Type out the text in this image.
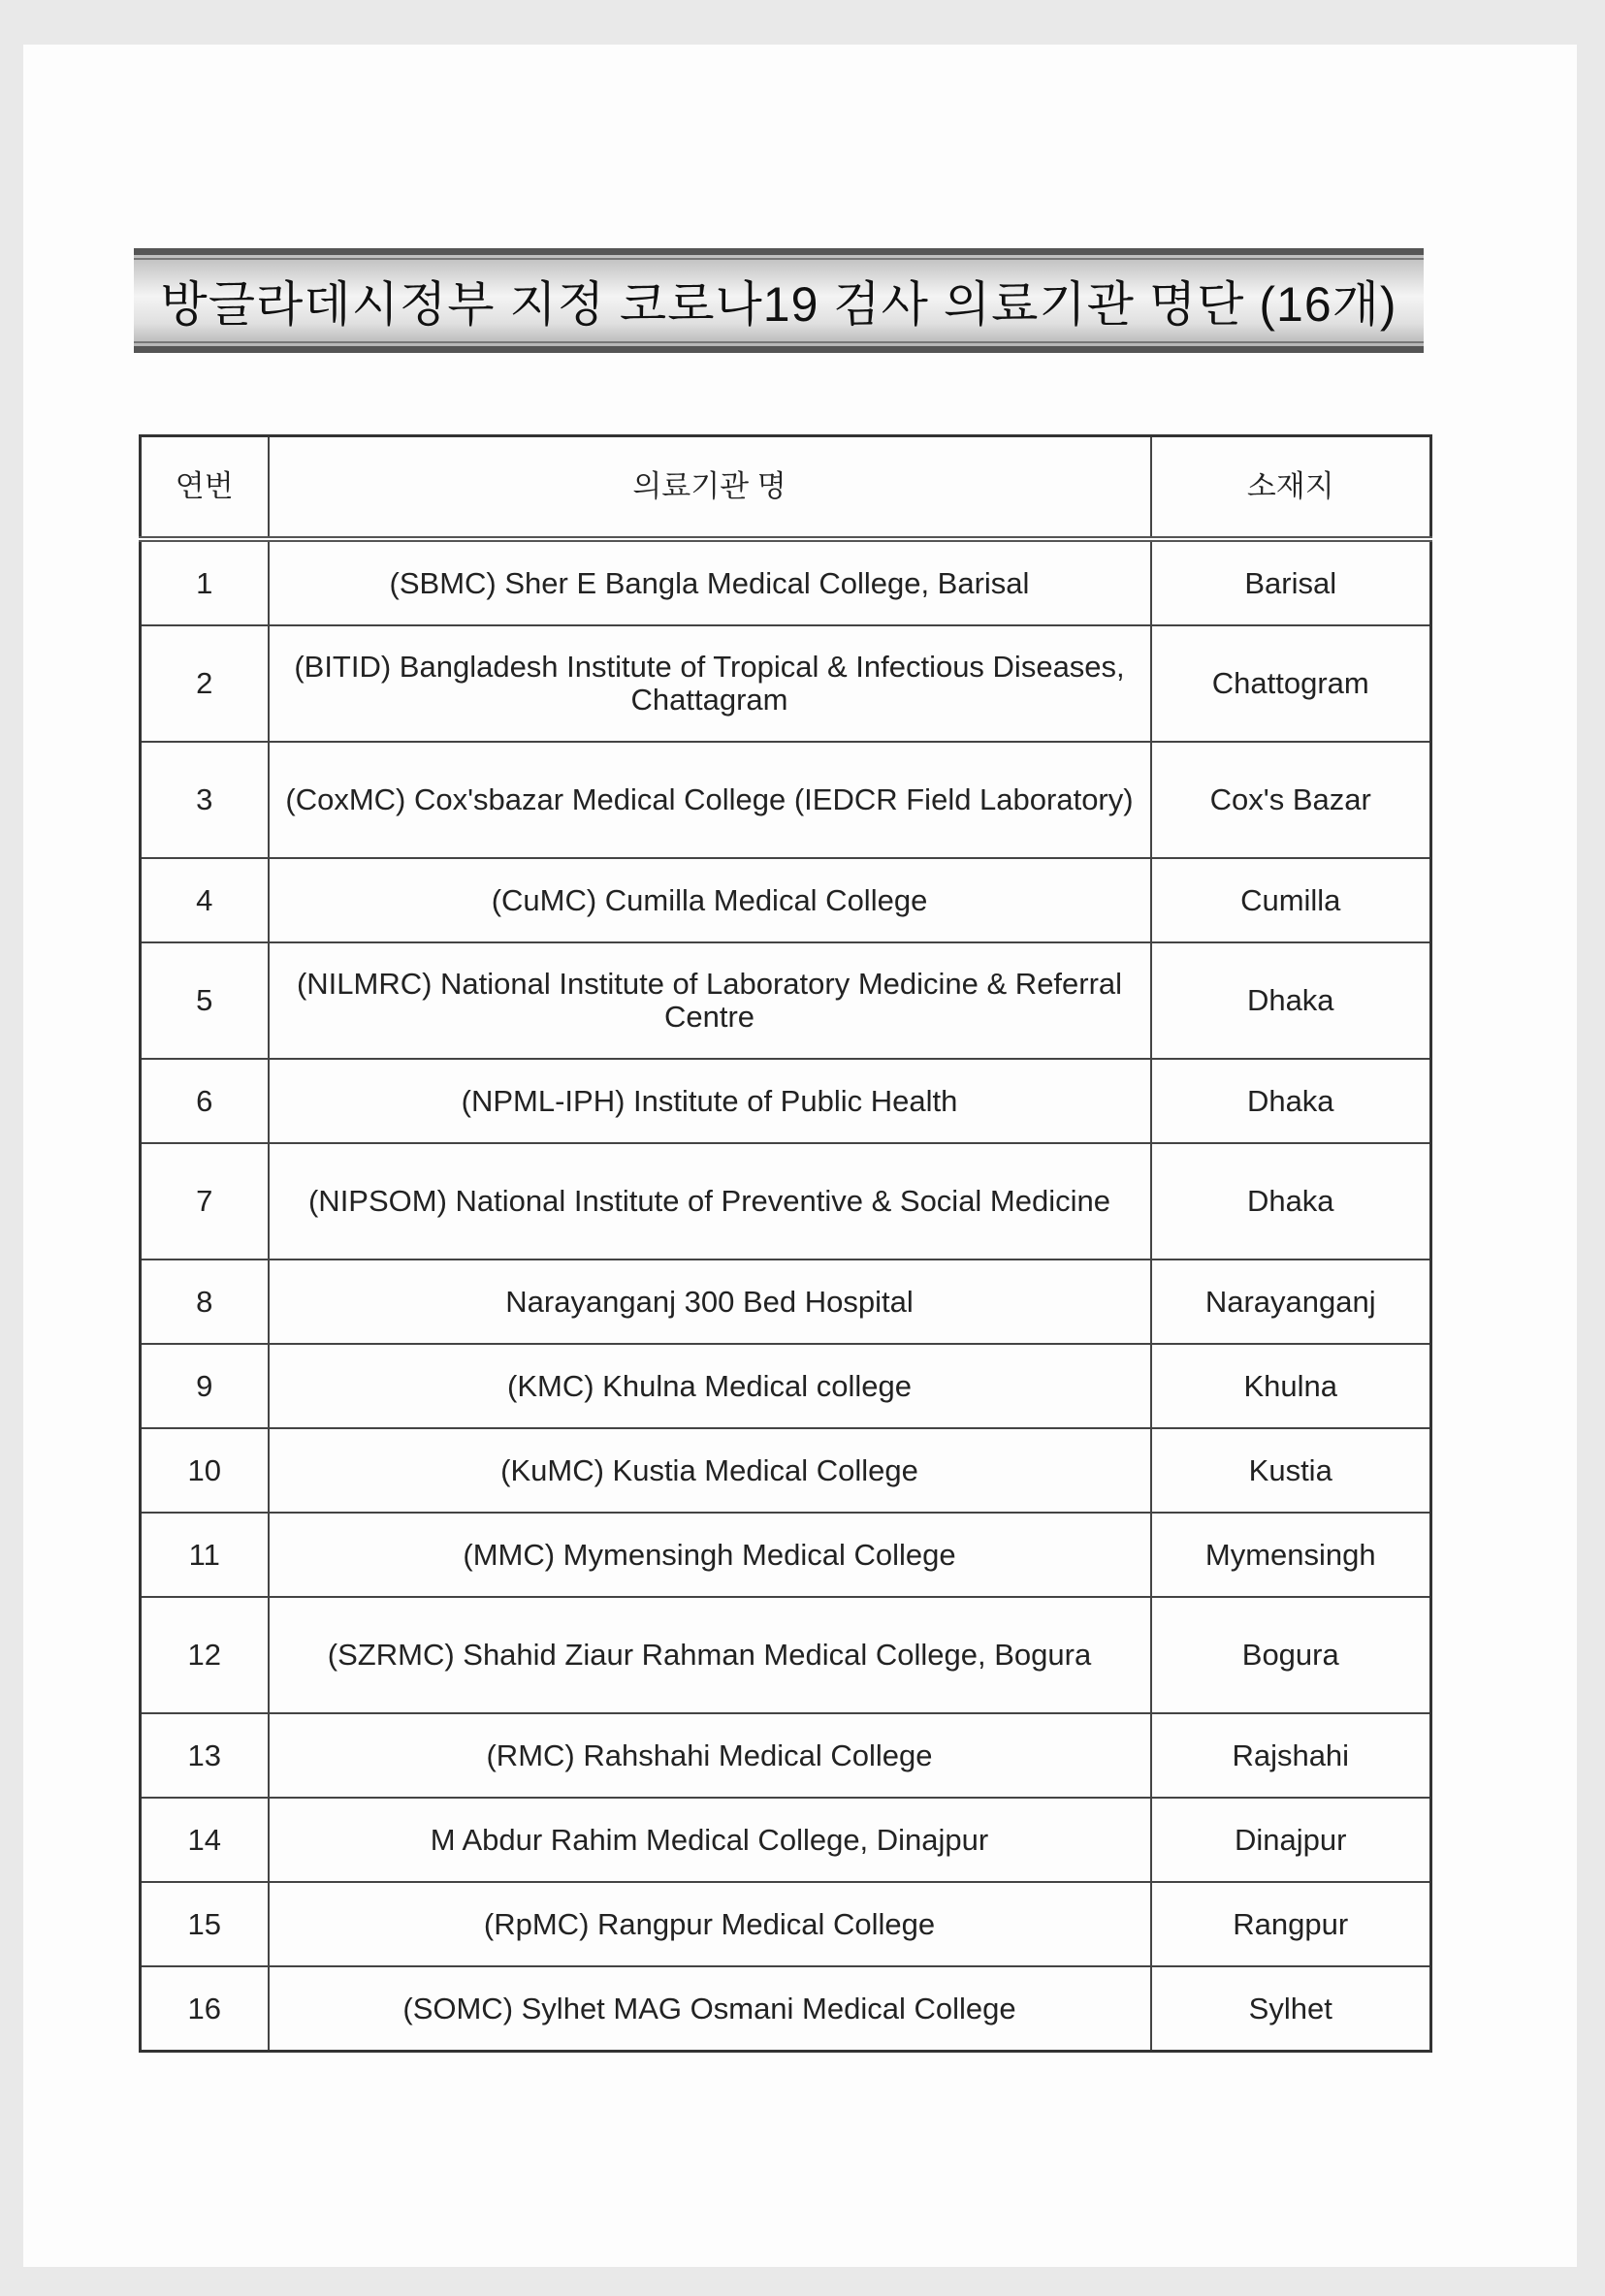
방글라데시정부 지정 코로나19 검사 의료기관 명단 (16개)
연번	의료기관 명	소재지
1	(SBMC) Sher E Bangla Medical College, Barisal	Barisal
2	(BITID) Bangladesh Institute of Tropical & Infectious Diseases, Chattagram	Chattogram
3	(CoxMC) Cox'sbazar Medical College (IEDCR Field Laboratory)	Cox's Bazar
4	(CuMC) Cumilla Medical College	Cumilla
5	(NILMRC) National Institute of Laboratory Medicine & Referral Centre	Dhaka
6	(NPML-IPH) Institute of Public Health	Dhaka
7	(NIPSOM) National Institute of Preventive & Social Medicine	Dhaka
8	Narayanganj 300 Bed Hospital	Narayanganj
9	(KMC) Khulna Medical college	Khulna
10	(KuMC) Kustia Medical College	Kustia
11	(MMC) Mymensingh Medical College	Mymensingh
12	(SZRMC) Shahid Ziaur Rahman Medical College, Bogura	Bogura
13	(RMC) Rahshahi Medical College	Rajshahi
14	M Abdur Rahim Medical College, Dinajpur	Dinajpur
15	(RpMC) Rangpur Medical College	Rangpur
16	(SOMC) Sylhet MAG Osmani Medical College	Sylhet
